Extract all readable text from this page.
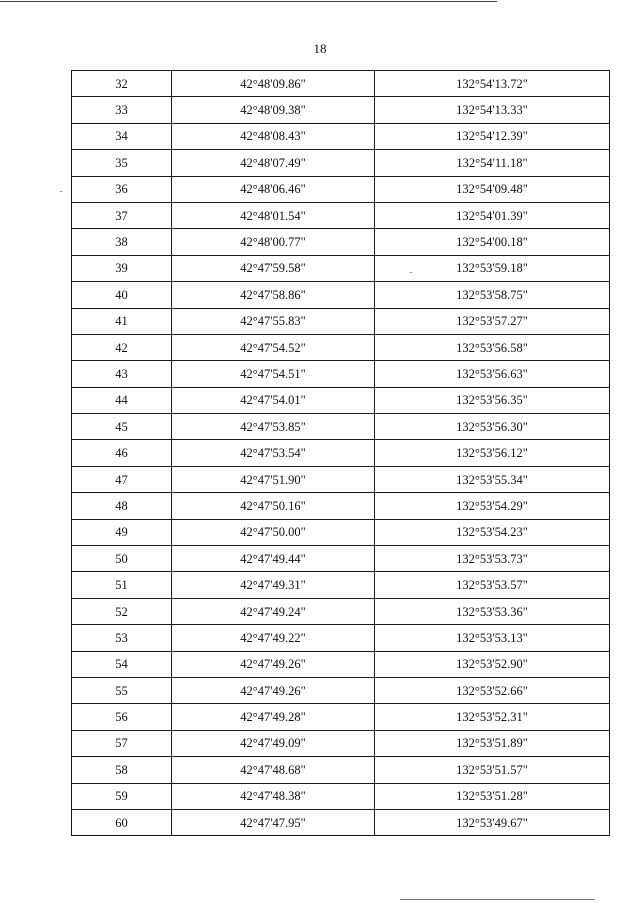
18
32	42°48'09.86"	132°54'13.72"
33	42°48'09.38"	132°54'13.33"
34	42°48'08.43"	132°54'12.39"
35	42°48'07.49"	132°54'11.18"
36	42°48'06.46"	132°54'09.48"
37	42°48'01.54"	132°54'01.39"
38	42°48'00.77"	132°54'00.18"
39	42°47'59.58"	132°53'59.18"
40	42°47'58.86"	132°53'58.75"
41	42°47'55.83"	132°53'57.27"
42	42°47'54.52"	132°53'56.58"
43	42°47'54.51"	132°53'56.63"
44	42°47'54.01"	132°53'56.35"
45	42°47'53.85"	132°53'56.30"
46	42°47'53.54"	132°53'56.12"
47	42°47'51.90"	132°53'55.34"
48	42°47'50.16"	132°53'54.29"
49	42°47'50.00"	132°53'54.23"
50	42°47'49.44"	132°53'53.73"
51	42°47'49.31"	132°53'53.57"
52	42°47'49.24"	132°53'53.36"
53	42°47'49.22"	132°53'53.13"
54	42°47'49.26"	132°53'52.90"
55	42°47'49.26"	132°53'52.66"
56	42°47'49.28"	132°53'52.31"
57	42°47'49.09"	132°53'51.89"
58	42°47'48.68"	132°53'51.57"
59	42°47'48.38"	132°53'51.28"
60	42°47'47.95"	132°53'49.67"
